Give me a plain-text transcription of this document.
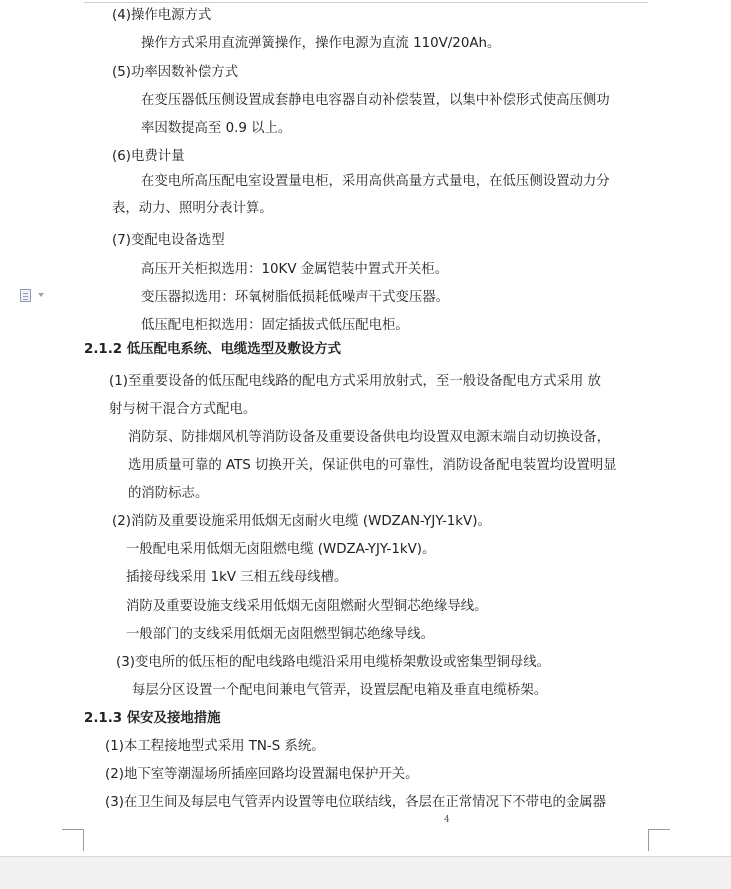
(4)操作电源方式
操作方式采用直流弹簧操作，操作电源为直流 110V/20Ah。
(5)功率因数补偿方式
在变压器低压侧设置成套静电电容器自动补偿装置，以集中补偿形式使高压侧功
率因数提高至 0.9 以上。
(6)电费计量
在变电所高压配电室设置量电柜，采用高供高量方式量电，在低压侧设置动力分
表，动力、照明分表计算。
(7)变配电设备选型
高压开关柜拟选用：10KV 金属铠装中置式开关柜。
变压器拟选用：环氧树脂低损耗低噪声干式变压器。
低压配电柜拟选用：固定插拔式低压配电柜。
2.1.2 低压配电系统、电缆选型及敷设方式
(1)至重要设备的低压配电线路的配电方式采用放射式，至一般设备配电方式采用 放
射与树干混合方式配电。
消防泵、防排烟风机等消防设备及重要设备供电均设置双电源末端自动切换设备，
选用质量可靠的 ATS 切换开关，保证供电的可靠性，消防设备配电装置均设置明显
的消防标志。
(2)消防及重要设施采用低烟无卤耐火电缆 (WDZAN-YJY-1kV)。
一般配电采用低烟无卤阻燃电缆 (WDZA-YJY-1kV)。
插接母线采用 1kV 三相五线母线槽。
消防及重要设施支线采用低烟无卤阻燃耐火型铜芯绝缘导线。
一般部门的支线采用低烟无卤阻燃型铜芯绝缘导线。
(3)变电所的低压柜的配电线路电缆沿采用电缆桥架敷设或密集型铜母线。
每层分区设置一个配电间兼电气管弄，设置层配电箱及垂直电缆桥架。
2.1.3 保安及接地措施
(1)本工程接地型式采用 TN-S 系统。
(2)地下室等潮湿场所插座回路均设置漏电保护开关。
(3)在卫生间及每层电气管弄内设置等电位联结线，各层在正常情况下不带电的金属器
4
